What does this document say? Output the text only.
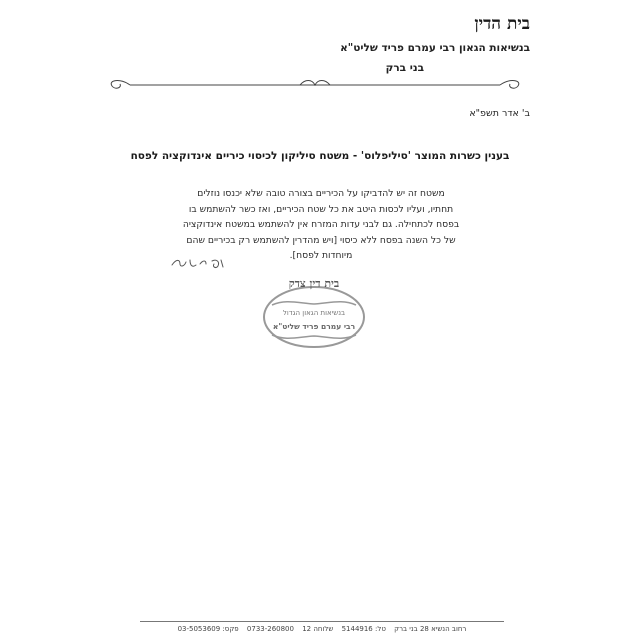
בית הדין
בנשיאות הגאון רבי עמרם פריד שליט"א
בני ברק
ב' אדר תשפ"א
בענין כשרות המוצר 'סיליפלוס' - משטח סיליקון לכיסוי כיריים אינדוקציה לפסח
משטח זה יש להדביקו על הכיריים בצורה טובה שלא יכנסו נוזלים
תחתיו, ועליו לכסות היטב את כל שטח הכיריים, ואז כשר להשתמש בו
בפסח לכתחילה. גם לבני עדות המזרח אין להשתמש במשטח אינדוקציה
של כל השנה בפסח ללא כיסוי [ויש מהדרין להשתמש רק בכיריים שהם
מיוחדות לפסח].
בית דין צדק
בנשיאות הגאון הגדול
רבי עמרם פריד שליט"א
רחוב הנשיא 28 בני ברק טל: 5144916 שלוחה 12 0733-260800 פקס: 03-5053609
